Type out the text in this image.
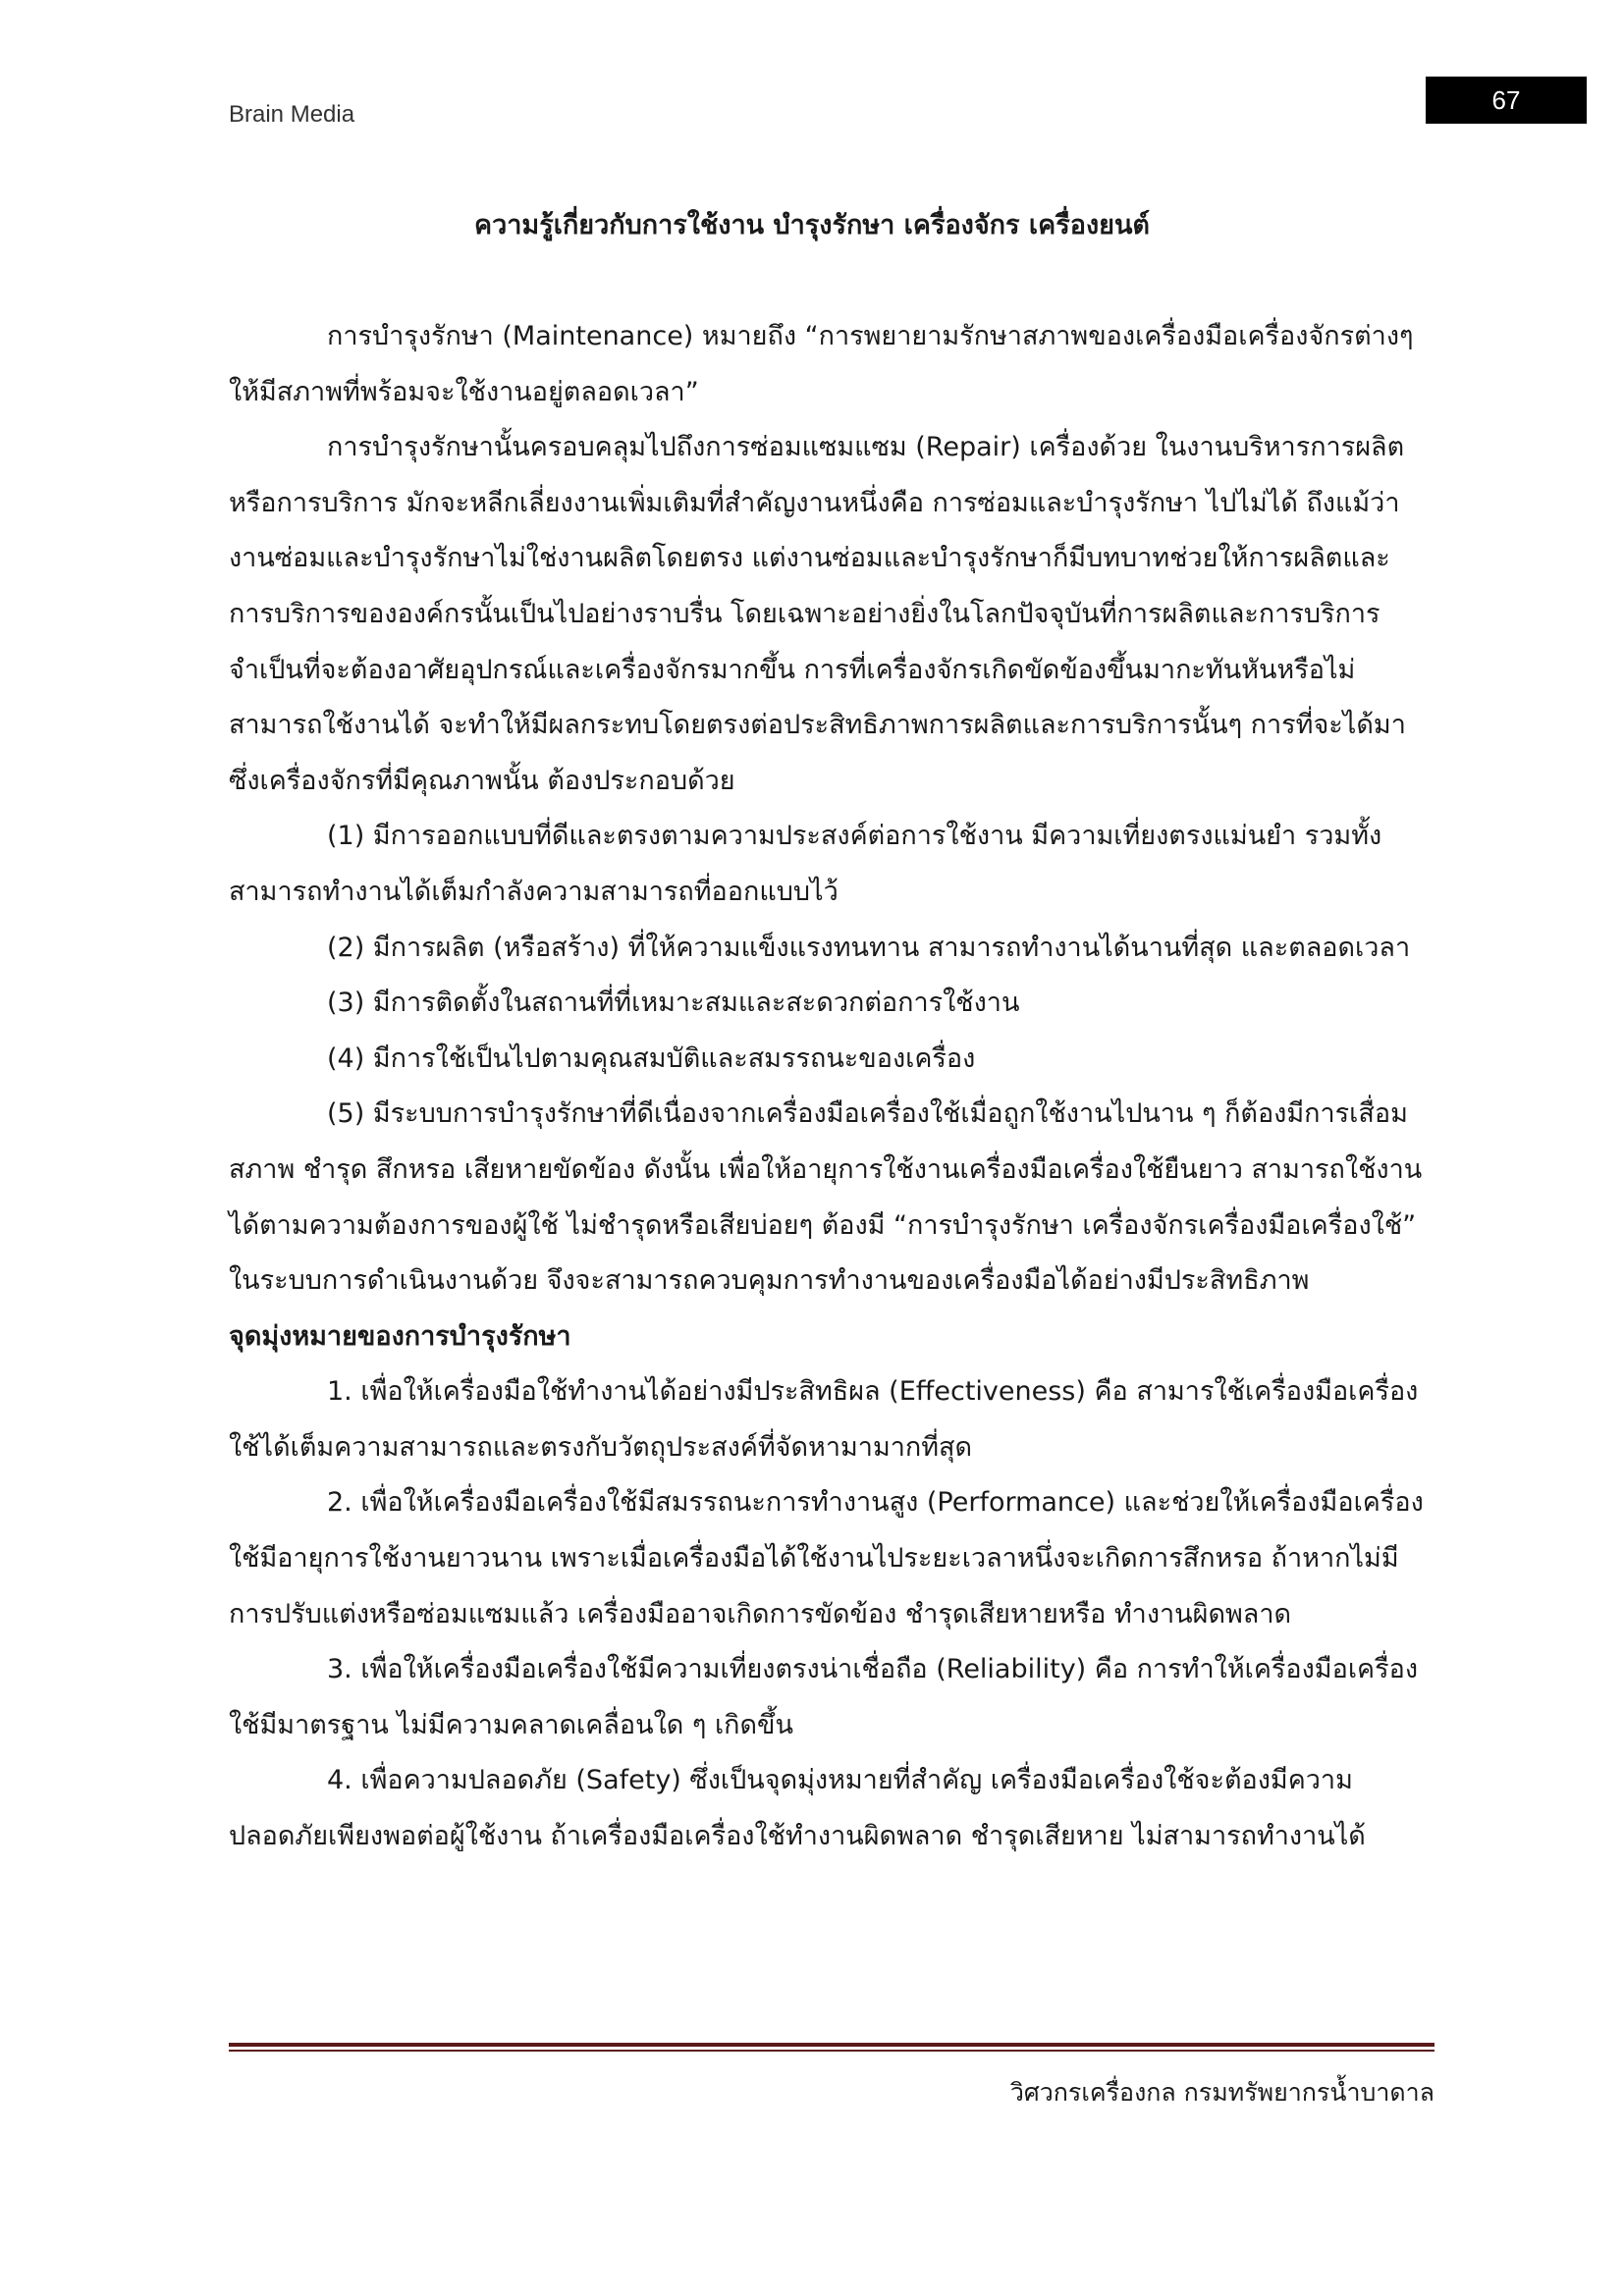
Brain Media	67
ความรู้เกี่ยวกับการใช้งาน บำรุงรักษา เครื่องจักร เครื่องยนต์

การบำรุงรักษา (Maintenance) หมายถึง “การพยายามรักษาสภาพของเครื่องมือเครื่องจักรต่างๆ ให้มีสภาพที่พร้อมจะใช้งานอยู่ตลอดเวลา”

การบำรุงรักษานั้นครอบคลุมไปถึงการซ่อมแซมแซม (Repair) เครื่องด้วย ในงานบริหารการผลิตหรือการบริการ มักจะหลีกเลี่ยงงานเพิ่มเติมที่สำคัญงานหนึ่งคือ การซ่อมและบำรุงรักษา ไปไม่ได้ ถึงแม้ว่างานซ่อมและบำรุงรักษาไม่ใช่งานผลิตโดยตรง แต่งานซ่อมและบำรุงรักษาก็มีบทบาทช่วยให้การผลิตและการบริการขององค์กรนั้นเป็นไปอย่างราบรื่น โดยเฉพาะอย่างยิ่งในโลกปัจจุบันที่การผลิตและการบริการจำเป็นที่จะต้องอาศัยอุปกรณ์และเครื่องจักรมากขึ้น การที่เครื่องจักรเกิดขัดข้องขึ้นมากะทันหันหรือไม่สามารถใช้งานได้ จะทำให้มีผลกระทบโดยตรงต่อประสิทธิภาพการผลิตและการบริการนั้นๆ การที่จะได้มาซึ่งเครื่องจักรที่มีคุณภาพนั้น ต้องประกอบด้วย

(1) มีการออกแบบที่ดีและตรงตามความประสงค์ต่อการใช้งาน มีความเที่ยงตรงแม่นยำ รวมทั้งสามารถทำงานได้เต็มกำลังความสามารถที่ออกแบบไว้

(2) มีการผลิต (หรือสร้าง) ที่ให้ความแข็งแรงทนทาน สามารถทำงานได้นานที่สุด และตลอดเวลา

(3) มีการติดตั้งในสถานที่ที่เหมาะสมและสะดวกต่อการใช้งาน

(4) มีการใช้เป็นไปตามคุณสมบัติและสมรรถนะของเครื่อง

(5) มีระบบการบำรุงรักษาที่ดีเนื่องจากเครื่องมือเครื่องใช้เมื่อถูกใช้งานไปนาน ๆ ก็ต้องมีการเสื่อมสภาพ ชำรุด สึกหรอ เสียหายขัดข้อง ดังนั้น เพื่อให้อายุการใช้งานเครื่องมือเครื่องใช้ยืนยาว สามารถใช้งานได้ตามความต้องการของผู้ใช้ ไม่ชำรุดหรือเสียบ่อยๆ ต้องมี “การบำรุงรักษา เครื่องจักรเครื่องมือเครื่องใช้” ในระบบการดำเนินงานด้วย จึงจะสามารถควบคุมการทำงานของเครื่องมือได้อย่างมีประสิทธิภาพ

จุดมุ่งหมายของการบำรุงรักษา

1. เพื่อให้เครื่องมือใช้ทำงานได้อย่างมีประสิทธิผล (Effectiveness) คือ สามารใช้เครื่องมือเครื่องใช้ได้เต็มความสามารถและตรงกับวัตถุประสงค์ที่จัดหามามากที่สุด

2. เพื่อให้เครื่องมือเครื่องใช้มีสมรรถนะการทำงานสูง (Performance) และช่วยให้เครื่องมือเครื่องใช้มีอายุการใช้งานยาวนาน เพราะเมื่อเครื่องมือได้ใช้งานไประยะเวลาหนึ่งจะเกิดการสึกหรอ ถ้าหากไม่มีการปรับแต่งหรือซ่อมแซมแล้ว เครื่องมืออาจเกิดการขัดข้อง ชำรุดเสียหายหรือ ทำงานผิดพลาด

3. เพื่อให้เครื่องมือเครื่องใช้มีความเที่ยงตรงน่าเชื่อถือ (Reliability) คือ การทำให้เครื่องมือเครื่องใช้มีมาตรฐาน ไม่มีความคลาดเคลื่อนใด ๆ เกิดขึ้น

4. เพื่อความปลอดภัย (Safety) ซึ่งเป็นจุดมุ่งหมายที่สำคัญ เครื่องมือเครื่องใช้จะต้องมีความปลอดภัยเพียงพอต่อผู้ใช้งาน ถ้าเครื่องมือเครื่องใช้ทำงานผิดพลาด ชำรุดเสียหาย ไม่สามารถทำงานได้

วิศวกรเครื่องกล กรมทรัพยากรน้ำบาดาล
